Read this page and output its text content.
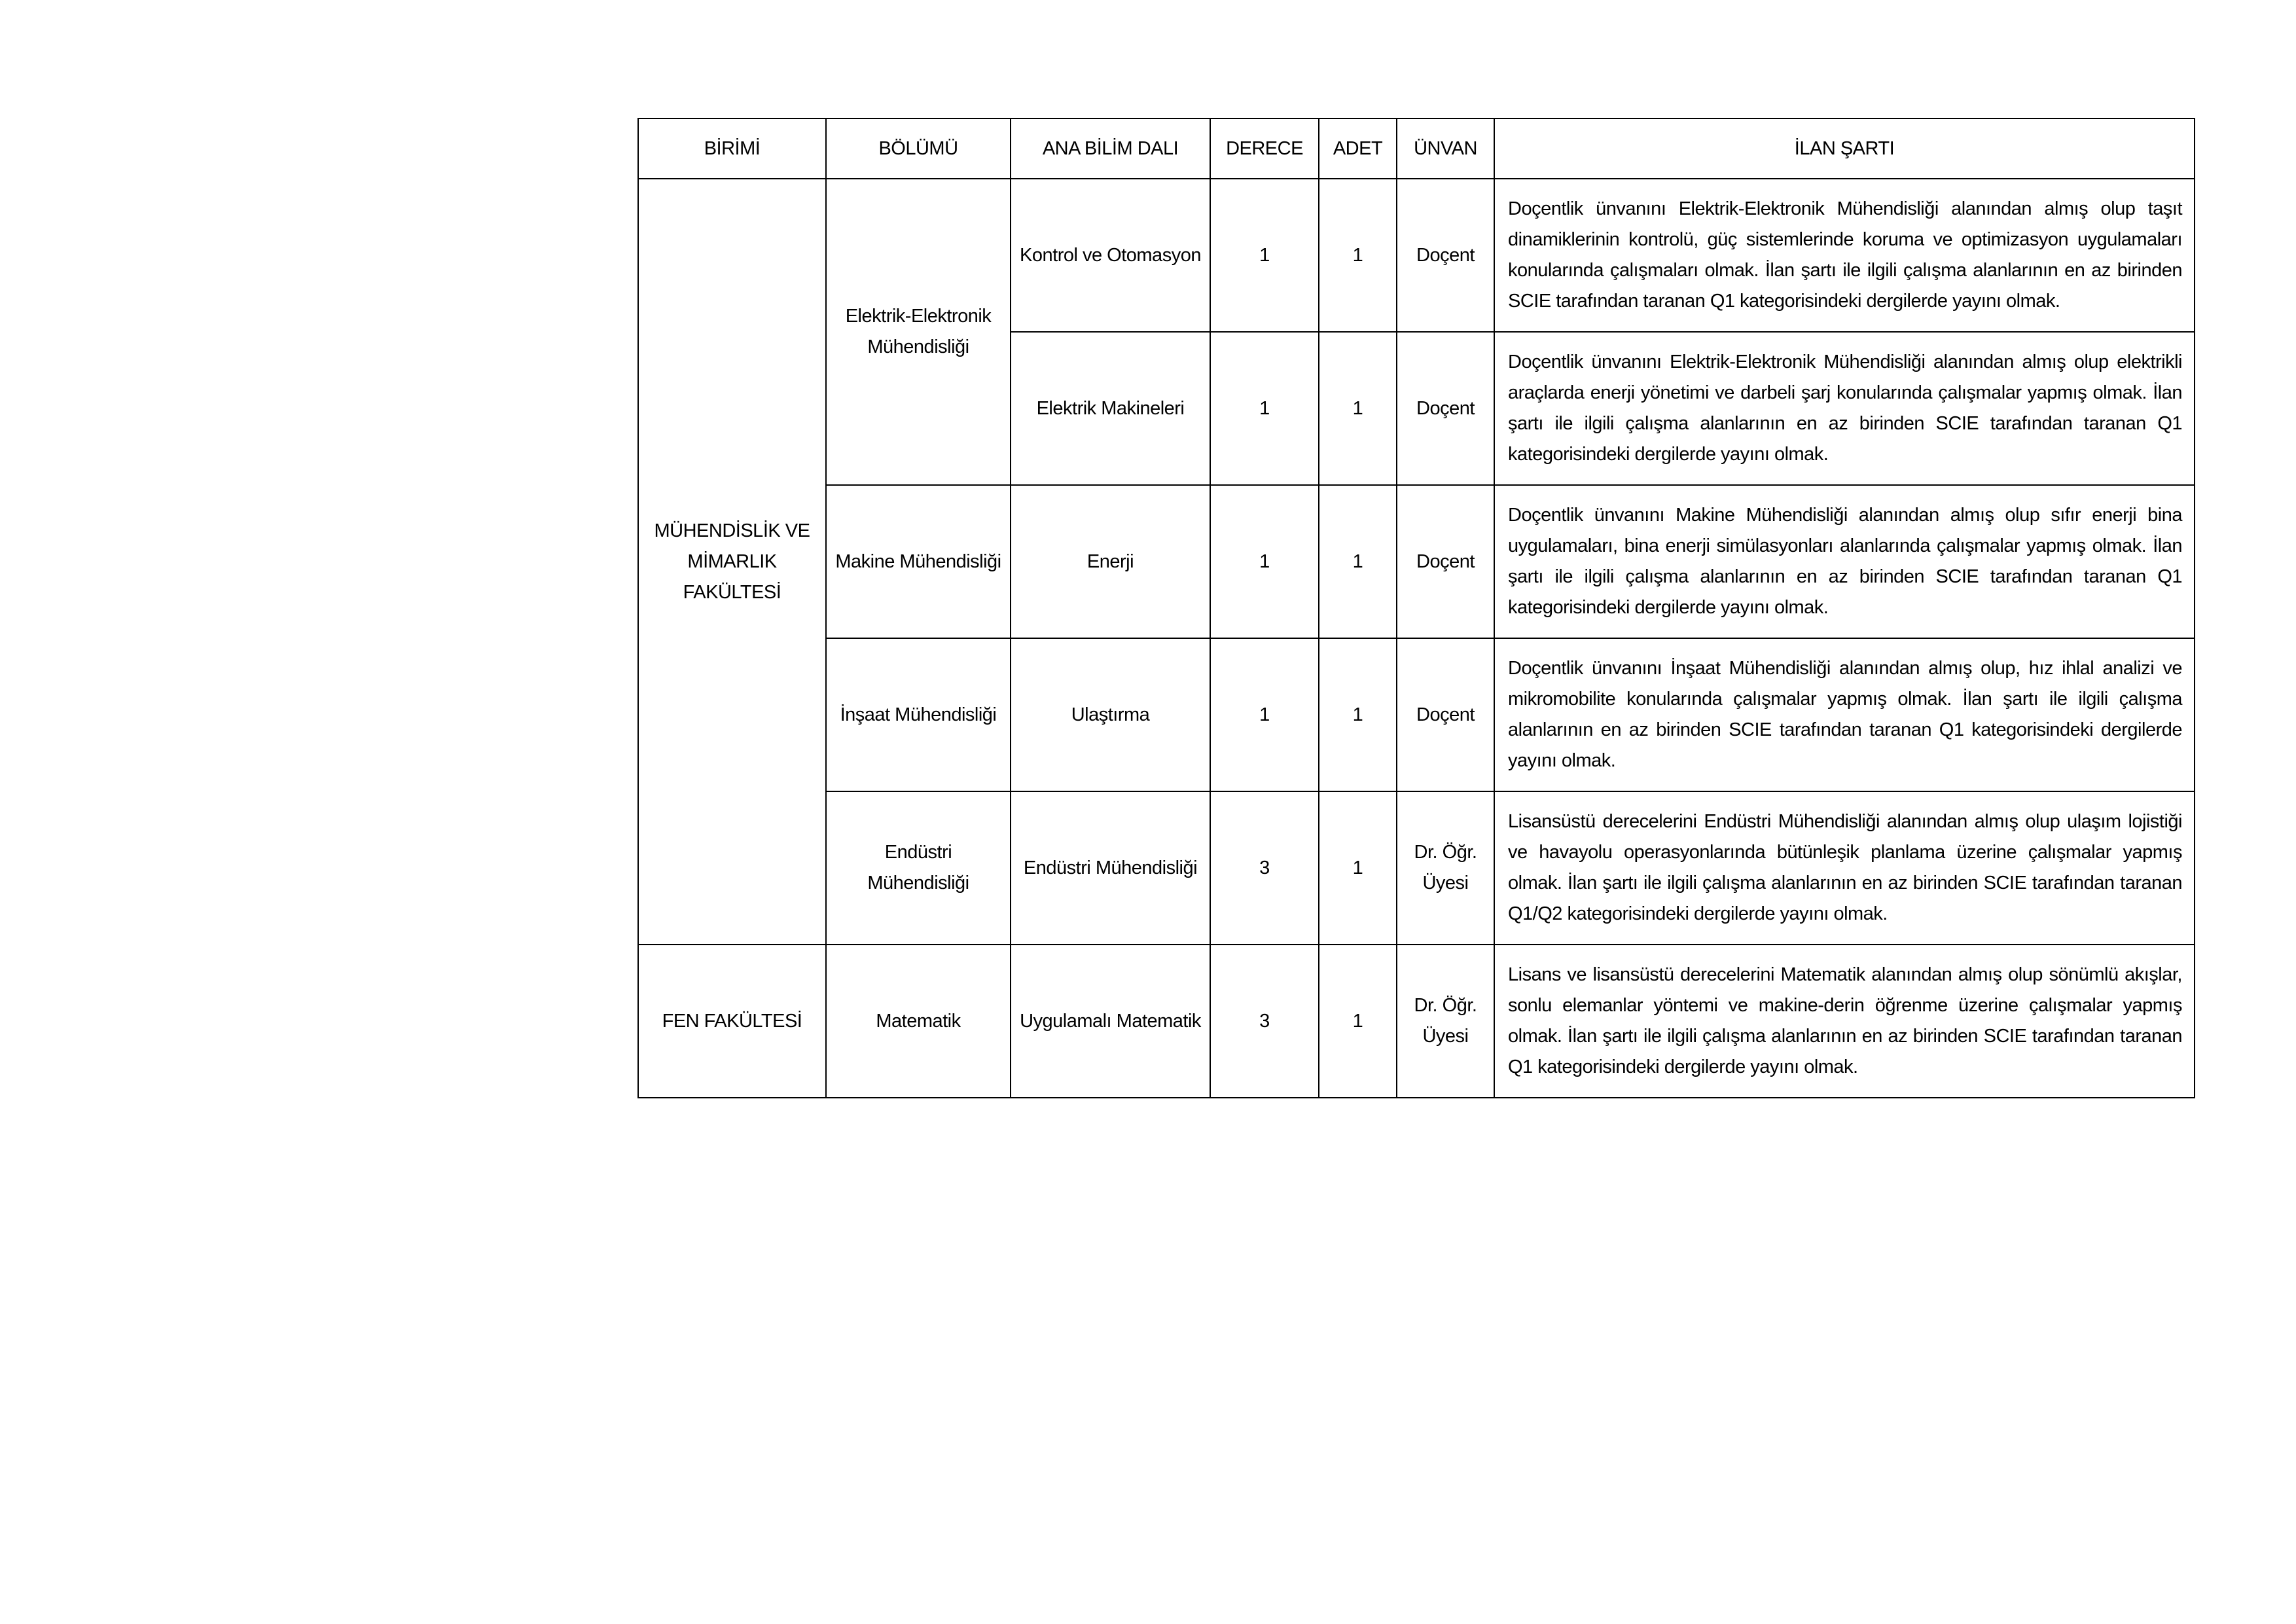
BİRİMİ	BÖLÜMÜ	ANA BİLİM DALI	DERECE	ADET	ÜNVAN	İLAN ŞARTI
MÜHENDİSLİK VE MİMARLIK FAKÜLTESİ	Elektrik-Elektronik Mühendisliği	Kontrol ve Otomasyon	1	1	Doçent	Doçentlik ünvanını Elektrik-Elektronik Mühendisliği alanından almış olup taşıt dinamiklerinin kontrolü, güç sistemlerinde koruma ve optimizasyon uygulamaları konularında çalışmaları olmak. İlan şartı ile ilgili çalışma alanlarının en az birinden SCIE tarafından taranan Q1 kategorisindeki dergilerde yayını olmak.
		Elektrik Makineleri	1	1	Doçent	Doçentlik ünvanını Elektrik-Elektronik Mühendisliği alanından almış olup elektrikli araçlarda enerji yönetimi ve darbeli şarj konularında çalışmalar yapmış olmak. İlan şartı ile ilgili çalışma alanlarının en az birinden SCIE tarafından taranan Q1 kategorisindeki dergilerde yayını olmak.
	Makine Mühendisliği	Enerji	1	1	Doçent	Doçentlik ünvanını Makine Mühendisliği alanından almış olup sıfır enerji bina uygulamaları, bina enerji simülasyonları alanlarında çalışmalar yapmış olmak. İlan şartı ile ilgili çalışma alanlarının en az birinden SCIE tarafından taranan Q1 kategorisindeki dergilerde yayını olmak.
	İnşaat Mühendisliği	Ulaştırma	1	1	Doçent	Doçentlik ünvanını İnşaat Mühendisliği alanından almış olup, hız ihlal analizi ve mikromobilite konularında çalışmalar yapmış olmak. İlan şartı ile ilgili çalışma alanlarının en az birinden SCIE tarafından taranan Q1 kategorisindeki dergilerde yayını olmak.
	Endüstri Mühendisliği	Endüstri Mühendisliği	3	1	Dr. Öğr. Üyesi	Lisansüstü derecelerini Endüstri Mühendisliği alanından almış olup ulaşım lojistiği ve havayolu operasyonlarında bütünleşik planlama üzerine çalışmalar yapmış olmak. İlan şartı ile ilgili çalışma alanlarının en az birinden SCIE tarafından taranan Q1/Q2 kategorisindeki dergilerde yayını olmak.
FEN FAKÜLTESİ	Matematik	Uygulamalı Matematik	3	1	Dr. Öğr. Üyesi	Lisans ve lisansüstü derecelerini Matematik alanından almış olup sönümlü akışlar, sonlu elemanlar yöntemi ve makine-derin öğrenme üzerine çalışmalar yapmış olmak. İlan şartı ile ilgili çalışma alanlarının en az birinden SCIE tarafından taranan Q1 kategorisindeki dergilerde yayını olmak.
